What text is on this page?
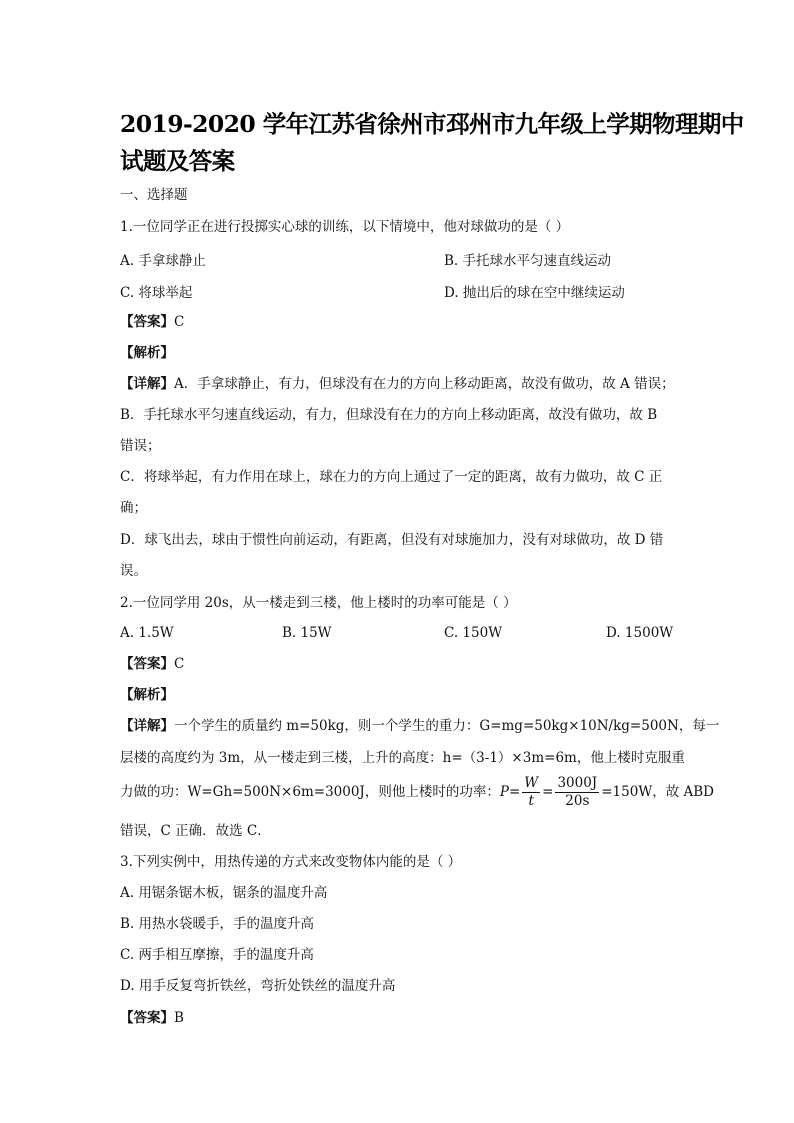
2019-2020 学年江苏省徐州市邳州市九年级上学期物理期中
试题及答案
一、选择题
1.一位同学正在进行投掷实心球的训练，以下情境中，他对球做功的是（ ）
A. 手拿球静止	B. 手托球水平匀速直线运动
C. 将球举起	D. 抛出后的球在空中继续运动
【答案】C
【解析】
【详解】A．手拿球静止，有力，但球没有在力的方向上移动距离，故没有做功，故 A 错误；
B．手托球水平匀速直线运动，有力，但球没有在力的方向上移动距离，故没有做功，故 B
错误；
C．将球举起，有力作用在球上，球在力的方向上通过了一定的距离，故有力做功，故 C 正
确；
D．球飞出去，球由于惯性向前运动，有距离，但没有对球施加力，没有对球做功，故 D 错
误。
2.一位同学用 20s，从一楼走到三楼，他上楼时的功率可能是（ ）
A. 1.5W	B. 15W	C. 150W	D. 1500W
【答案】C
【解析】
【详解】一个学生的质量约 m=50kg，则一个学生的重力：G=mg=50kg×10N/kg=500N，每一
层楼的高度约为 3m，从一楼走到三楼，上升的高度：h=（3-1）×3m=6m，他上楼时克服重
力做的功：W=Gh=500N×6m=3000J，则他上楼时的功率：$P= \frac{W}{t} = \frac{3000J}{20s} =150W$，故 ABD
错误，C 正确．故选 C．
3.下列实例中，用热传递的方式来改变物体内能的是（ ）
A. 用锯条锯木板，锯条的温度升高
B. 用热水袋暖手，手的温度升高
C. 两手相互摩擦，手的温度升高
D. 用手反复弯折铁丝，弯折处铁丝的温度升高
【答案】B
